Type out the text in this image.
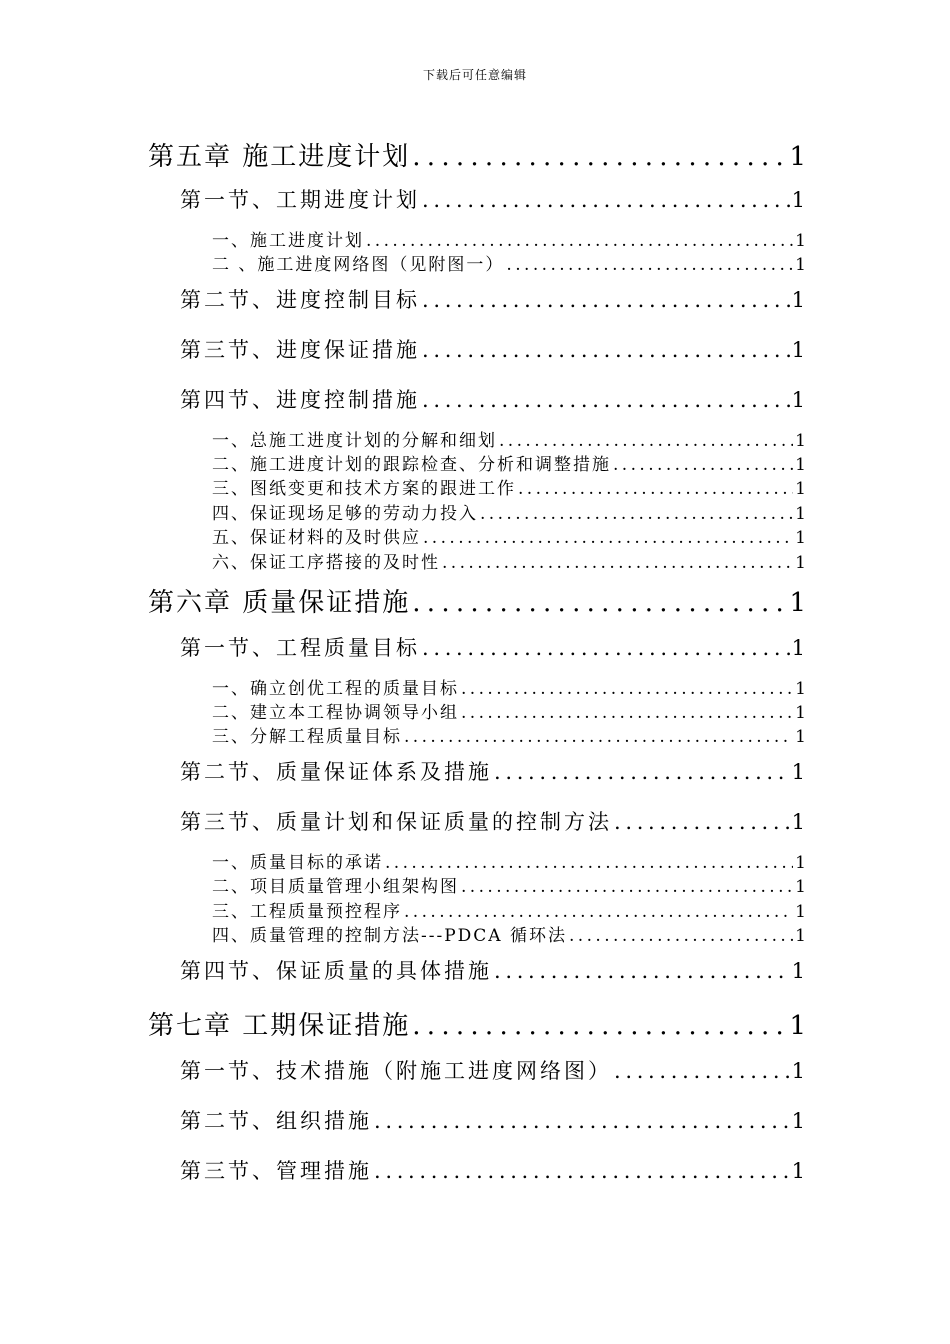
下载后可任意编辑
第五章 施工进度计划 . . .	1
第一节、工期进度计划 . . .	1
一、施工进度计划 . . .	1
二 、施工进度网络图（见附图一） . . .	1
第二节、进度控制目标 . . .	1
第三节、进度保证措施 . . .	1
第四节、进度控制措施 . . .	1
一、总施工进度计划的分解和细划 . . .	1
二、施工进度计划的跟踪检查、分析和调整措施 . . .	1
三、图纸变更和技术方案的跟进工作 . . .	1
四、保证现场足够的劳动力投入 . . .	1
五、保证材料的及时供应 . . .	1
六、保证工序搭接的及时性 . . .	1
第六章 质量保证措施 . . .	1
第一节、工程质量目标 . . .	1
一、确立创优工程的质量目标 . . .	1
二、建立本工程协调领导小组 . . .	1
三、分解工程质量目标 . . .	1
第二节、质量保证体系及措施 . . .	1
第三节、质量计划和保证质量的控制方法 . . .	1
一、质量目标的承诺 . . .	1
二、项目质量管理小组架构图 . . .	1
三、工程质量预控程序 . . .	1
四、质量管理的控制方法---PDCA 循环法 . . .	1
第四节、保证质量的具体措施 . . .	1
第七章 工期保证措施 . . .	1
第一节、技术措施（附施工进度网络图） . . .	1
第二节、组织措施 . . .	1
第三节、管理措施 . . .	1
